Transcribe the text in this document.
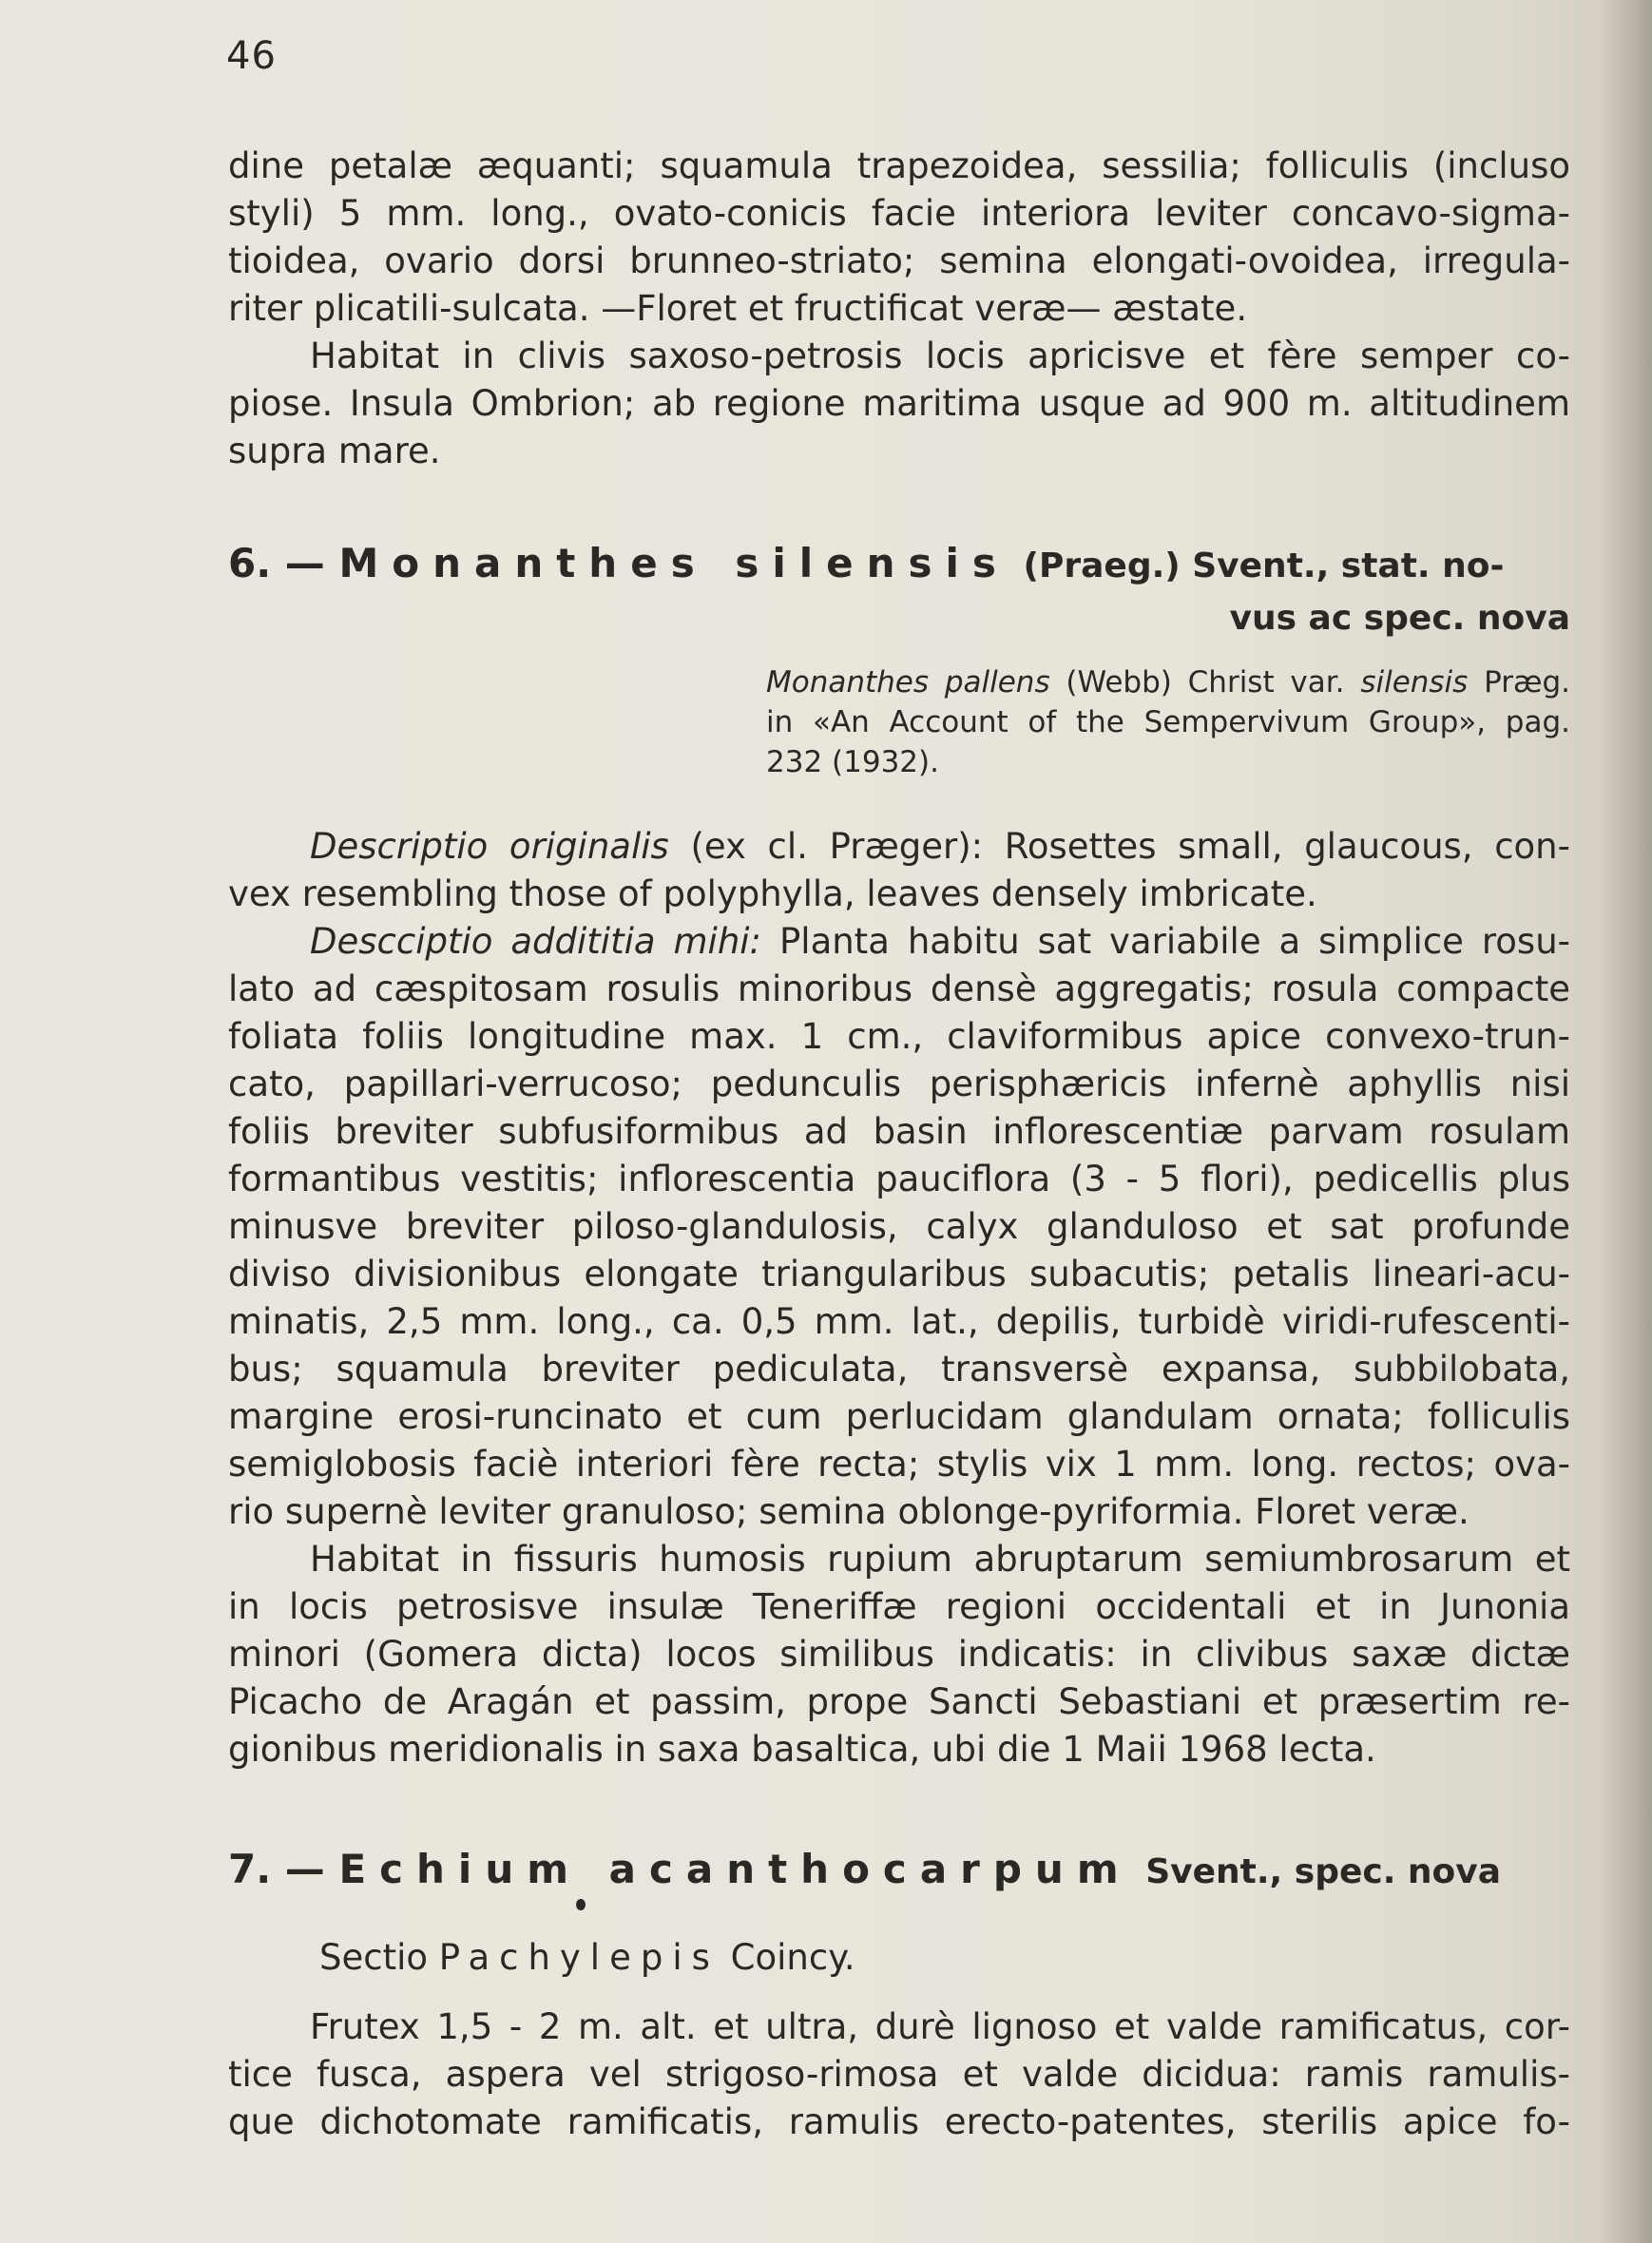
46
dine petalæ æquanti; squamula trapezoidea, sessilia; folliculis (incluso
styli) 5 mm. long., ovato-conicis facie interiora leviter concavo-sigma-
tioidea, ovario dorsi brunneo-striato; semina elongati-ovoidea, irregula-
riter plicatili-sulcata. —Floret et fructificat veræ— æstate.
Habitat in clivis saxoso-petrosis locis apricisve et fère semper co-
piose. Insula Ombrion; ab regione maritima usque ad 900 m. altitudinem
supra mare.
6. — Monanthes silensis (Praeg.) Svent., stat. no-
vus ac spec. nova
Monanthes pallens (Webb) Christ var. silensis Præg.
in «An Account of the Sempervivum Group», pag.
232 (1932).
Descriptio originalis (ex cl. Præger): Rosettes small, glaucous, con-
vex resembling those of polyphylla, leaves densely imbricate.
Descciptio addititia mihi: Planta habitu sat variabile a simplice rosu-
lato ad cæspitosam rosulis minoribus densè aggregatis; rosula compacte
foliata foliis longitudine max. 1 cm., claviformibus apice convexo-trun-
cato, papillari-verrucoso; pedunculis perisphæricis infernè aphyllis nisi
foliis breviter subfusiformibus ad basin inflorescentiæ parvam rosulam
formantibus vestitis; inflorescentia pauciflora (3 - 5 flori), pedicellis plus
minusve breviter piloso-glandulosis, calyx glanduloso et sat profunde
diviso divisionibus elongate triangularibus subacutis; petalis lineari-acu-
minatis, 2,5 mm. long., ca. 0,5 mm. lat., depilis, turbidè viridi-rufescenti-
bus; squamula breviter pediculata, transversè expansa, subbilobata,
margine erosi-runcinato et cum perlucidam glandulam ornata; folliculis
semiglobosis faciè interiori fère recta; stylis vix 1 mm. long. rectos; ova-
rio supernè leviter granuloso; semina oblonge-pyriformia. Floret veræ.
Habitat in fissuris humosis rupium abruptarum semiumbrosarum et
in locis petrosisve insulæ Teneriffæ regioni occidentali et in Junonia
minori (Gomera dicta) locos similibus indicatis: in clivibus saxæ dictæ
Picacho de Aragán et passim, prope Sancti Sebastiani et præsertim re-
gionibus meridionalis in saxa basaltica, ubi die 1 Maii 1968 lecta.
7. — Echium acanthocarpum Svent., spec. nova
Sectio Pachylepis Coincy.
Frutex 1,5 - 2 m. alt. et ultra, durè lignoso et valde ramificatus, cor-
tice fusca, aspera vel strigoso-rimosa et valde dicidua: ramis ramulis-
que dichotomate ramificatis, ramulis erecto-patentes, sterilis apice fo-
